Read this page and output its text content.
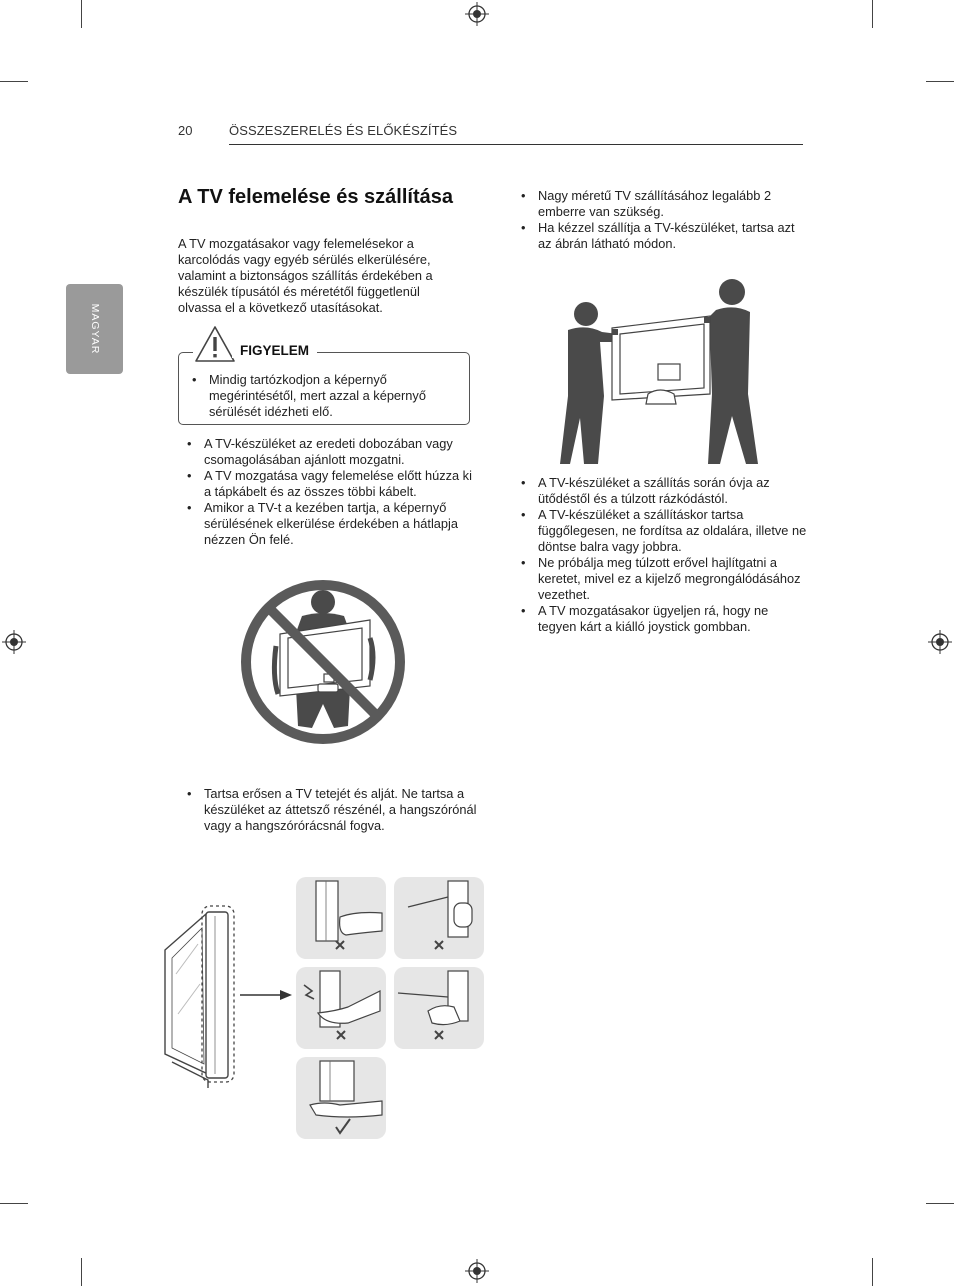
20	ÖSSZESZERELÉS ÉS ELŐKÉSZÍTÉS
MAGYAR
A TV felemelése és szállítása
A TV mozgatásakor vagy felemelésekor a karcolódás vagy egyéb sérülés elkerülésére, valamint a biztonságos szállítás érdekében a készülék típusától és méretétől függetlenül olvassa el a következő utasításokat.
FIGYELEM
• Mindig tartózkodjon a képernyő megérintésétől, mert azzal a képernyő sérülését idézheti elő.
• A TV-készüléket az eredeti dobozában vagy csomagolásában ajánlott mozgatni.
• A TV mozgatása vagy felemelése előtt húzza ki a tápkábelt és az összes többi kábelt.
• Amikor a TV-t a kezében tartja, a képernyő sérülésének elkerülése érdekében a hátlapja nézzen Ön felé.
• Tartsa erősen a TV tetejét és alját. Ne tartsa a készüléket az áttetsző részénél, a hangszórónál vagy a hangszórórácsnál fogva.
• Nagy méretű TV szállításához legalább 2 emberre van szükség.
• Ha kézzel szállítja a TV-készüléket, tartsa azt az ábrán látható módon.
• A TV-készüléket a szállítás során óvja az ütődéstől és a túlzott rázkódástól.
• A TV-készüléket a szállításkor tartsa függőlegesen, ne fordítsa az oldalára, illetve ne döntse balra vagy jobbra.
• Ne próbálja meg túlzott erővel hajlítgatni a keretet, mivel ez a kijelző megrongálódásához vezethet.
• A TV mozgatásakor ügyeljen rá, hogy ne tegyen kárt a kiálló joystick gombban.
